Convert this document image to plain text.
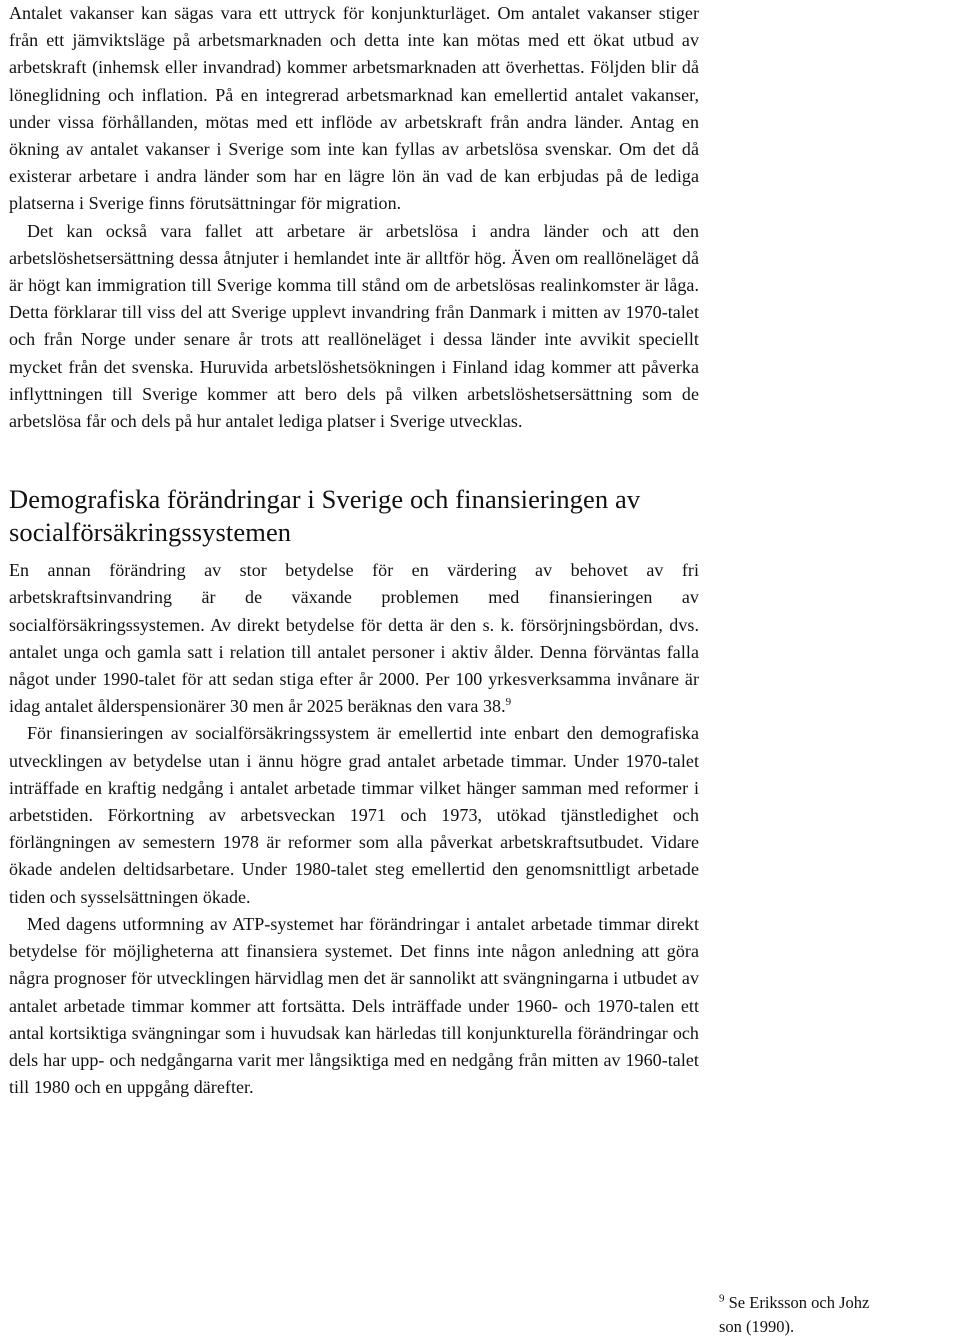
Antalet vakanser kan sägas vara ett uttryck för konjunkturläget. Om antalet vakanser stiger från ett jämviktsläge på arbetsmarknaden och detta inte kan mötas med ett ökat utbud av arbetskraft (inhemsk eller invandrad) kommer arbetsmarknaden att överhettas. Följden blir då löneglidning och inflation. På en integrerad arbetsmarknad kan emellertid antalet vakanser, under vissa förhållanden, mötas med ett inflöde av arbetskraft från andra länder. Antag en ökning av antalet vakanser i Sverige som inte kan fyllas av arbetslösa svenskar. Om det då existerar arbetare i andra länder som har en lägre lön än vad de kan erbjudas på de lediga platserna i Sverige finns förutsättningar för migration.

Det kan också vara fallet att arbetare är arbetslösa i andra länder och att den arbetslöshetsersättning dessa åtnjuter i hemlandet inte är alltför hög. Även om reallöneläget då är högt kan immigration till Sverige komma till stånd om de arbetslösas realinkomster är låga. Detta förklarar till viss del att Sverige upplevt invandring från Danmark i mitten av 1970-talet och från Norge under senare år trots att reallöneläget i dessa länder inte avvikit speciellt mycket från det svenska. Huruvida arbetslöshetsökningen i Finland idag kommer att påverka inflyttningen till Sverige kommer att bero dels på vilken arbetslöshetsersättning som de arbetslösa får och dels på hur antalet lediga platser i Sverige utvecklas.

Demografiska förändringar i Sverige och finansieringen av socialförsäkringssystemen

En annan förändring av stor betydelse för en värdering av behovet av fri arbetskraftsinvandring är de växande problemen med finansieringen av socialförsäkringssystemen. Av direkt betydelse för detta är den s. k. försörjningsbördan, dvs. antalet unga och gamla satt i relation till antalet personer i aktiv ålder. Denna förväntas falla något under 1990-talet för att sedan stiga efter år 2000. Per 100 yrkesverksamma invånare är idag antalet ålderspensionärer 30 men år 2025 beräknas den vara 38.$^9$

För finansieringen av socialförsäkringssystem är emellertid inte enbart den demografiska utvecklingen av betydelse utan i ännu högre grad antalet arbetade timmar. Under 1970-talet inträffade en kraftig nedgång i antalet arbetade timmar vilket hänger samman med reformer i arbetstiden. Förkortning av arbetsveckan 1971 och 1973, utökad tjänstledighet och förlängningen av semestern 1978 är reformer som alla påverkat arbetskraftsutbudet. Vidare ökade andelen deltidsarbetare. Under 1980-talet steg emellertid den genomsnittligt arbetade tiden och sysselsättningen ökade.

Med dagens utformning av ATP-systemet har förändringar i antalet arbetade timmar direkt betydelse för möjligheterna att finansiera systemet. Det finns inte någon anledning att göra några prognoser för utvecklingen härvidlag men det är sannolikt att svängningarna i utbudet av antalet arbetade timmar kommer att fortsätta. Dels inträffade under 1960- och 1970-talen ett antal kortsiktiga svängningar som i huvudsak kan härledas till konjunkturella förändringar och dels har upp- och nedgångarna varit mer långsiktiga med en nedgång från mitten av 1960-talet till 1980 och en uppgång därefter.

$^9$ Se Eriksson och Johz
son (1990).
